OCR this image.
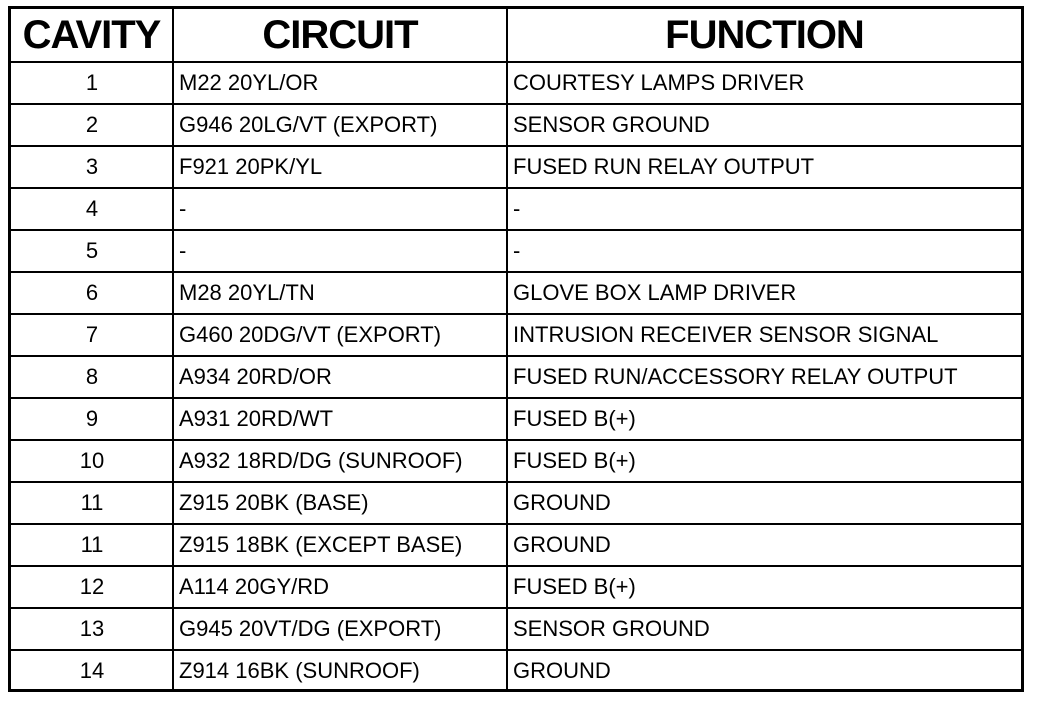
CAVITY	CIRCUIT	FUNCTION
1	M22 20YL/OR	COURTESY LAMPS DRIVER
2	G946 20LG/VT (EXPORT)	SENSOR GROUND
3	F921 20PK/YL	FUSED RUN RELAY OUTPUT
4	-	-
5	-	-
6	M28 20YL/TN	GLOVE BOX LAMP DRIVER
7	G460 20DG/VT (EXPORT)	INTRUSION RECEIVER SENSOR SIGNAL
8	A934 20RD/OR	FUSED RUN/ACCESSORY RELAY OUTPUT
9	A931 20RD/WT	FUSED B(+)
10	A932 18RD/DG (SUNROOF)	FUSED B(+)
11	Z915 20BK (BASE)	GROUND
11	Z915 18BK (EXCEPT BASE)	GROUND
12	A114 20GY/RD	FUSED B(+)
13	G945 20VT/DG (EXPORT)	SENSOR GROUND
14	Z914 16BK (SUNROOF)	GROUND
